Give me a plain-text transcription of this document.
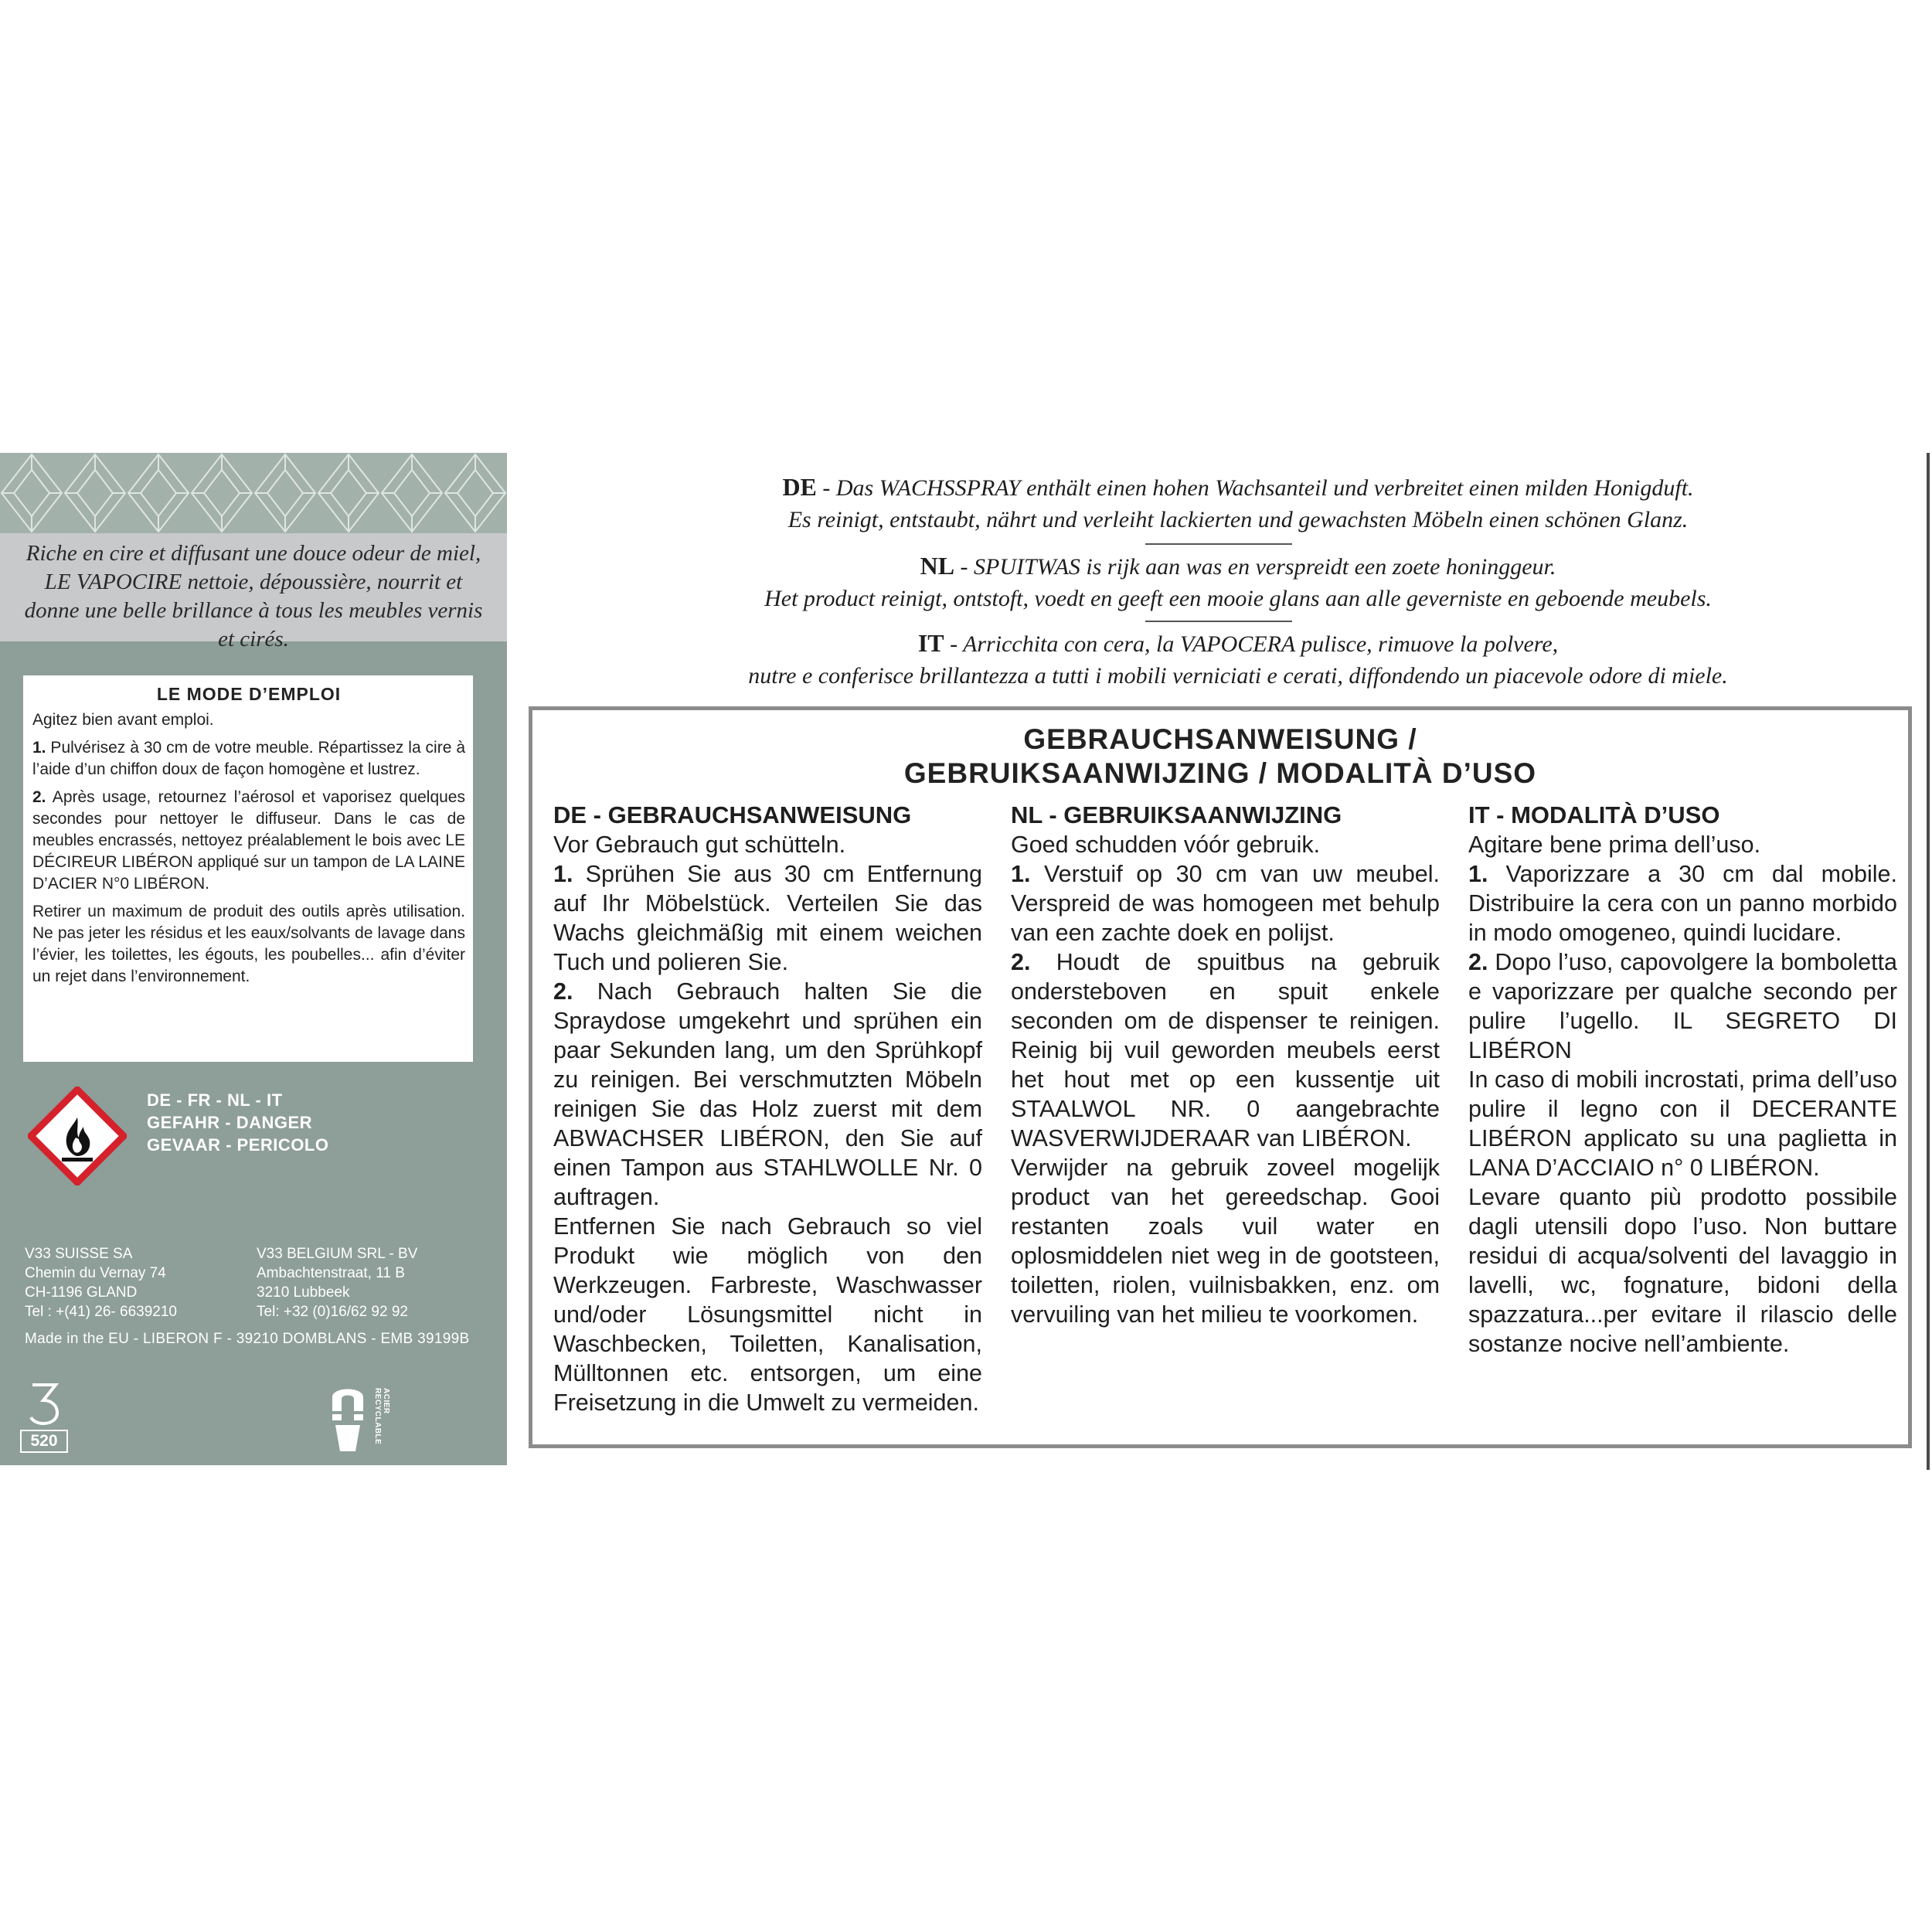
Riche en cire et diffusant une douce odeur de miel, LE VAPOCIRE nettoie, dépoussière, nourrit et donne une belle brillance à tous les meubles vernis et cirés.
LE MODE D’EMPLOI

Agitez bien avant emploi.

1. Pulvérisez à 30 cm de votre meuble. Répartissez la cire à l’aide d’un chiffon doux de façon homogène et lustrez.

2. Après usage, retournez l’aérosol et vaporisez quelques secondes pour nettoyer le diffuseur. Dans le cas de meubles encrassés, nettoyez préalablement le bois avec LE DÉCIREUR LIBÉRON appliqué sur un tampon de LA LAINE D’ACIER N°0 LIBÉRON.

Retirer un maximum de produit des outils après utilisation. Ne pas jeter les résidus et les eaux/solvants de lavage dans l’évier, les toilettes, les égouts, les poubelles... afin d’éviter un rejet dans l’environnement.

DE - FR - NL - IT
GEFAHR - DANGER
GEVAAR - PERICOLO
V33 SUISSE SA
Chemin du Vernay 74
CH-1196 GLAND
Tel : +(41) 26- 6639210
V33 BELGIUM SRL - BV
Ambachtenstraat, 11 B
3210 Lubbeek
Tel: +32 (0)16/62 92 92
Made in the EU - LIBERON F - 39210 DOMBLANS - EMB 39199B
520
ACIER RECYCLABLE
DE - Das WACHSSPRAY enthält einen hohen Wachsanteil und verbreitet einen milden Honigduft.
Es reinigt, entstaubt, nährt und verleiht lackierten und gewachsten Möbeln einen schönen Glanz.
NL - SPUITWAS is rijk aan was en verspreidt een zoete honinggeur.
Het product reinigt, ontstoft, voedt en geeft een mooie glans aan alle geverniste en geboende meubels.
IT - Arricchita con cera, la VAPOCERA pulisce, rimuove la polvere,
nutre e conferisce brillantezza a tutti i mobili verniciati e cerati, diffondendo un piacevole odore di miele.
GEBRAUCHSANWEISUNG /
GEBRUIKSAANWIJZING / MODALITÀ D’USO

DE - GEBRAUCHSANWEISUNG

Vor Gebrauch gut schütteln.

1. Sprühen Sie aus 30 cm Entfernung auf Ihr Möbelstück. Verteilen Sie das Wachs gleichmäßig mit einem weichen Tuch und polieren Sie.

2. Nach Gebrauch halten Sie die Spraydose umgekehrt und sprühen ein paar Sekunden lang, um den Sprühkopf zu reinigen. Bei verschmutzten Möbeln reinigen Sie das Holz zuerst mit dem ABWACHSER LIBÉRON, den Sie auf einen Tampon aus STAHLWOLLE Nr. 0 auftragen.

Entfernen Sie nach Gebrauch so viel Produkt wie möglich von den Werkzeugen. Farbreste, Waschwasser und/oder Lösungsmittel nicht in Waschbecken, Toiletten, Kanalisation, Mülltonnen etc. entsorgen, um eine Freisetzung in die Umwelt zu vermeiden.

NL - GEBRUIKSAANWIJZING

Goed schudden vóór gebruik.

1. Verstuif op 30 cm van uw meubel. Verspreid de was homogeen met behulp van een zachte doek en polijst.

2. Houdt de spuitbus na gebruik ondersteboven en spuit enkele seconden om de dispenser te reinigen. Reinig bij vuil geworden meubels eerst het hout met op een kussentje uit STAALWOL NR. 0 aangebrachte WASVERWIJDERAAR van LIBÉRON.

Verwijder na gebruik zoveel mogelijk product van het gereedschap. Gooi restanten zoals vuil water en oplosmiddelen niet weg in de gootsteen, toiletten, riolen, vuilnisbakken, enz. om vervuiling van het milieu te voorkomen.

IT - MODALITÀ D’USO

Agitare bene prima dell’uso.

1. Vaporizzare a 30 cm dal mobile. Distribuire la cera con un panno morbido in modo omogeneo, quindi lucidare.

2. Dopo l’uso, capovolgere la bomboletta e vaporizzare per qualche secondo per pulire l’ugello. IL SEGRETO DI LIBÉRON

In caso di mobili incrostati, prima dell’uso pulire il legno con il DECERANTE LIBÉRON applicato su una paglietta in LANA D’ACCIAIO n° 0 LIBÉRON.

Levare quanto più prodotto possibile dagli utensili dopo l’uso. Non buttare residui di acqua/solventi del lavaggio in lavelli, wc, fognature, bidoni della spazzatura...per evitare il rilascio delle sostanze nocive nell’ambiente.
